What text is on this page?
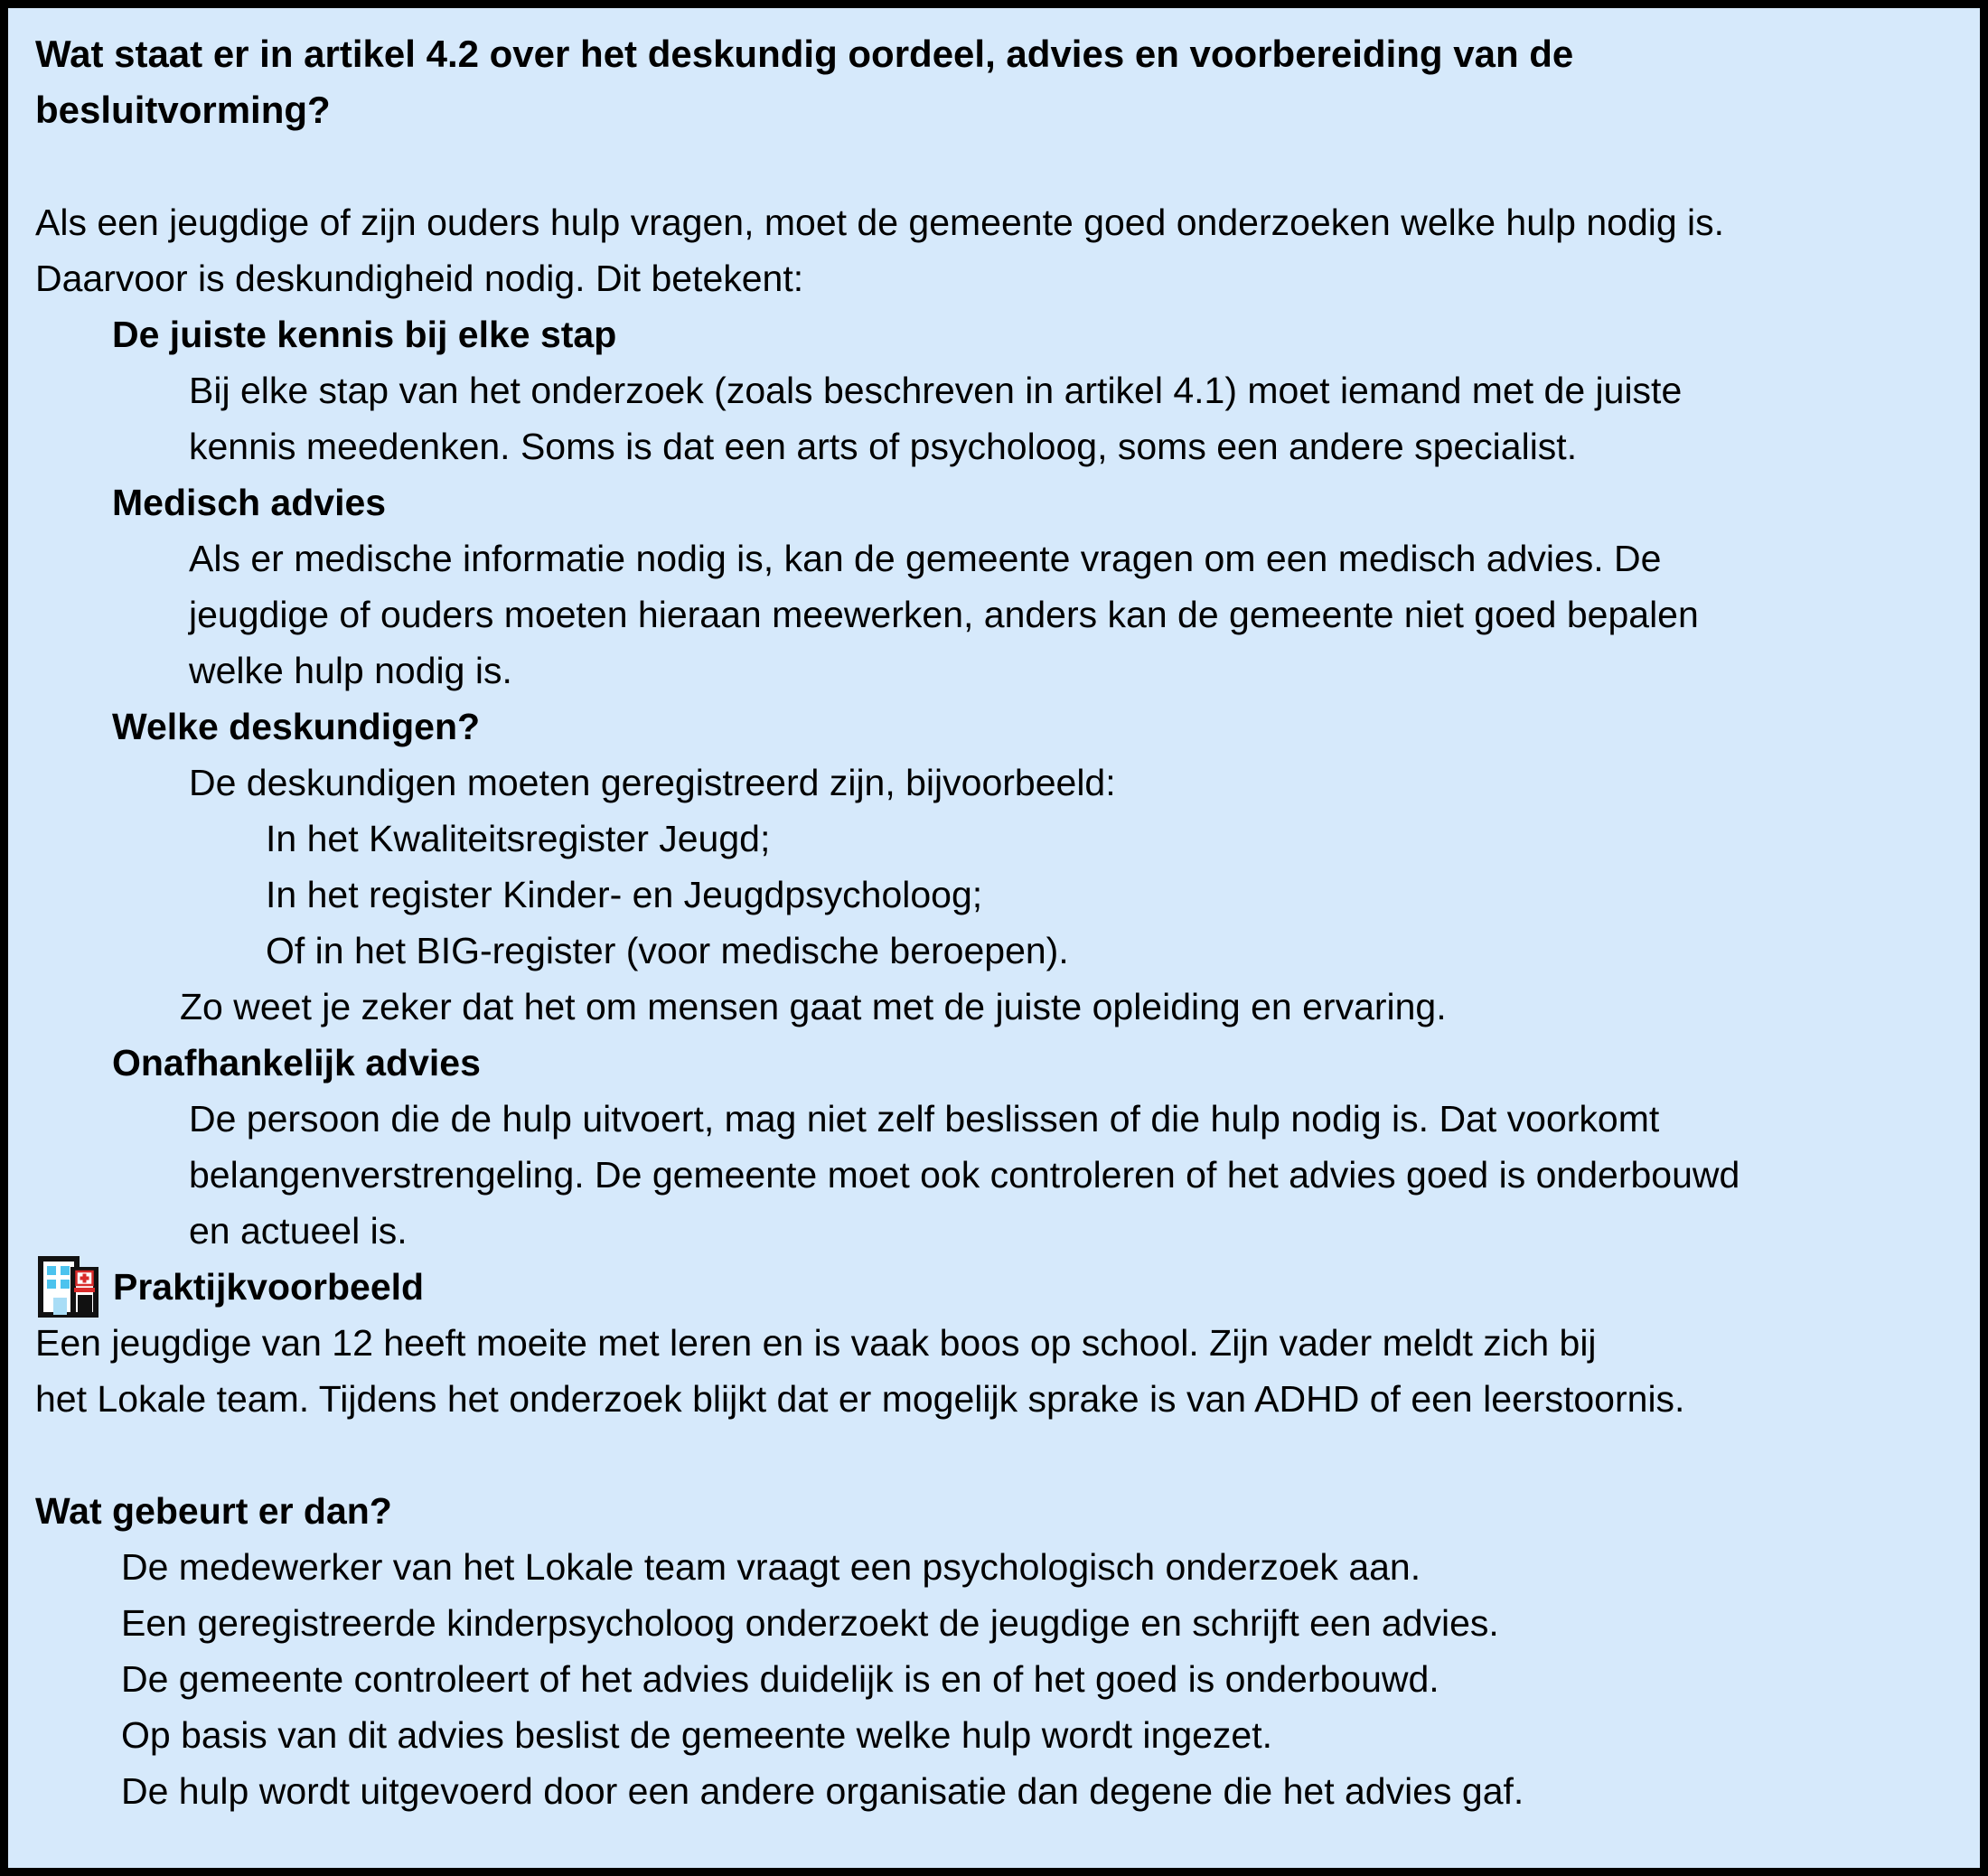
Wat staat er in artikel 4.2 over het deskundig oordeel, advies en voorbereiding van de
besluitvorming?
Als een jeugdige of zijn ouders hulp vragen, moet de gemeente goed onderzoeken welke hulp nodig is.
Daarvoor is deskundigheid nodig. Dit betekent:
De juiste kennis bij elke stap
Bij elke stap van het onderzoek (zoals beschreven in artikel 4.1) moet iemand met de juiste
kennis meedenken. Soms is dat een arts of psycholoog, soms een andere specialist.
Medisch advies
Als er medische informatie nodig is, kan de gemeente vragen om een medisch advies. De
jeugdige of ouders moeten hieraan meewerken, anders kan de gemeente niet goed bepalen
welke hulp nodig is.
Welke deskundigen?
De deskundigen moeten geregistreerd zijn, bijvoorbeeld:
In het Kwaliteitsregister Jeugd;
In het register Kinder- en Jeugdpsycholoog;
Of in het BIG-register (voor medische beroepen).
Zo weet je zeker dat het om mensen gaat met de juiste opleiding en ervaring.
Onafhankelijk advies
De persoon die de hulp uitvoert, mag niet zelf beslissen of die hulp nodig is. Dat voorkomt
belangenverstrengeling. De gemeente moet ook controleren of het advies goed is onderbouwd
en actueel is.
Praktijkvoorbeeld
Een jeugdige van 12 heeft moeite met leren en is vaak boos op school. Zijn vader meldt zich bij
het Lokale team. Tijdens het onderzoek blijkt dat er mogelijk sprake is van ADHD of een leerstoornis.
Wat gebeurt er dan?
De medewerker van het Lokale team vraagt een psychologisch onderzoek aan.
Een geregistreerde kinderpsycholoog onderzoekt de jeugdige en schrijft een advies.
De gemeente controleert of het advies duidelijk is en of het goed is onderbouwd.
Op basis van dit advies beslist de gemeente welke hulp wordt ingezet.
De hulp wordt uitgevoerd door een andere organisatie dan degene die het advies gaf.
